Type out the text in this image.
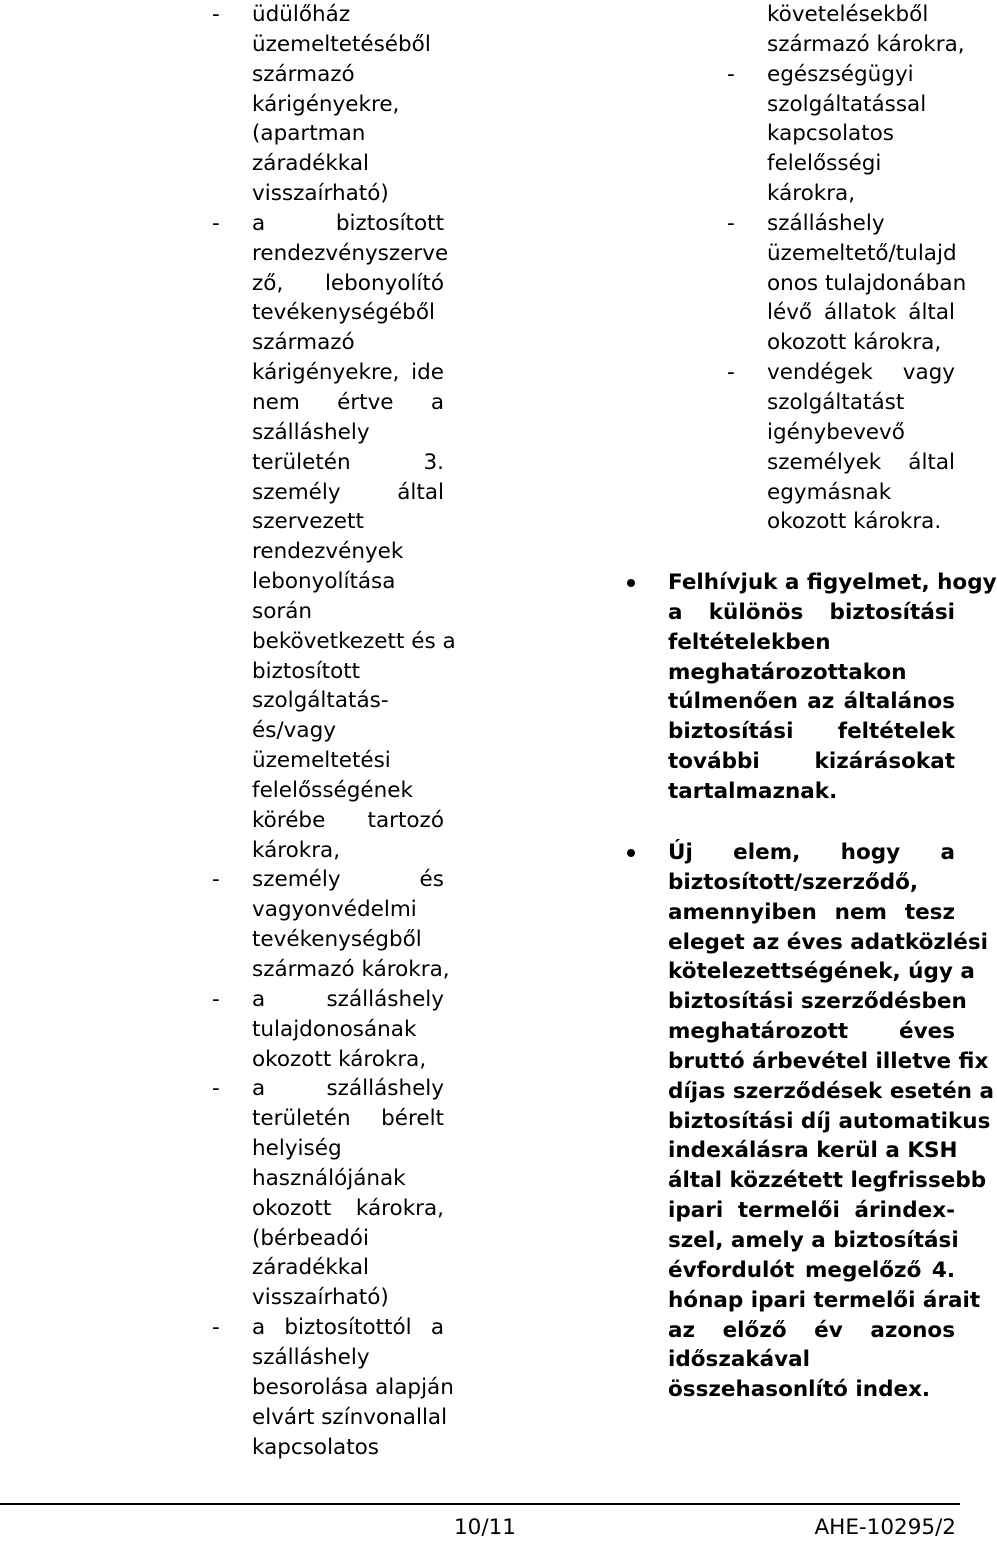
-	üdülőház
üzemeltetéséből
származó
kárigényekre,
(apartman
záradékkal
visszaírható)
-	a biztosított
rendezvényszerve
ző, lebonyolító
tevékenységéből
származó
kárigényekre, ide
nem értve a
szálláshely
területén 3.
személy által
szervezett
rendezvények
lebonyolítása
során
bekövetkezett és a
biztosított
szolgáltatás-
és/vagy
üzemeltetési
felelősségének
körébe tartozó
károkra,
-	személy és
vagyonvédelmi
tevékenységből
származó károkra,
-	a szálláshely
tulajdonosának
okozott károkra,
-	a szálláshely
területén bérelt
helyiség
használójának
okozott károkra,
(bérbeadói
záradékkal
visszaírható)
-	a biztosítottól a
szálláshely
besorolása alapján
elvárt színvonallal
kapcsolatos
követelésekből
származó károkra,
-	egészségügyi
szolgáltatással
kapcsolatos
felelősségi
károkra,
-	szálláshely
üzemeltető/tulajd
onos tulajdonában
lévő állatok által
okozott károkra,
-	vendégek vagy
szolgáltatást
igénybevevő
személyek által
egymásnak
okozott károkra.
Felhívjuk a figyelmet, hogy
a különös biztosítási
feltételekben
meghatározottakon
túlmenően az általános
biztosítási feltételek
további kizárásokat
tartalmaznak.
Új elem, hogy a
biztosított/szerződő,
amennyiben nem tesz
eleget az éves adatközlési
kötelezettségének, úgy a
biztosítási szerződésben
meghatározott éves
bruttó árbevétel illetve fix
díjas szerződések esetén a
biztosítási díj automatikus
indexálásra kerül a KSH
által közzétett legfrissebb
ipari termelői árindex-
szel, amely a biztosítási
évfordulót megelőző 4.
hónap ipari termelői árait
az előző év azonos
időszakával
összehasonlító index.
10/11	AHE-10295/2
